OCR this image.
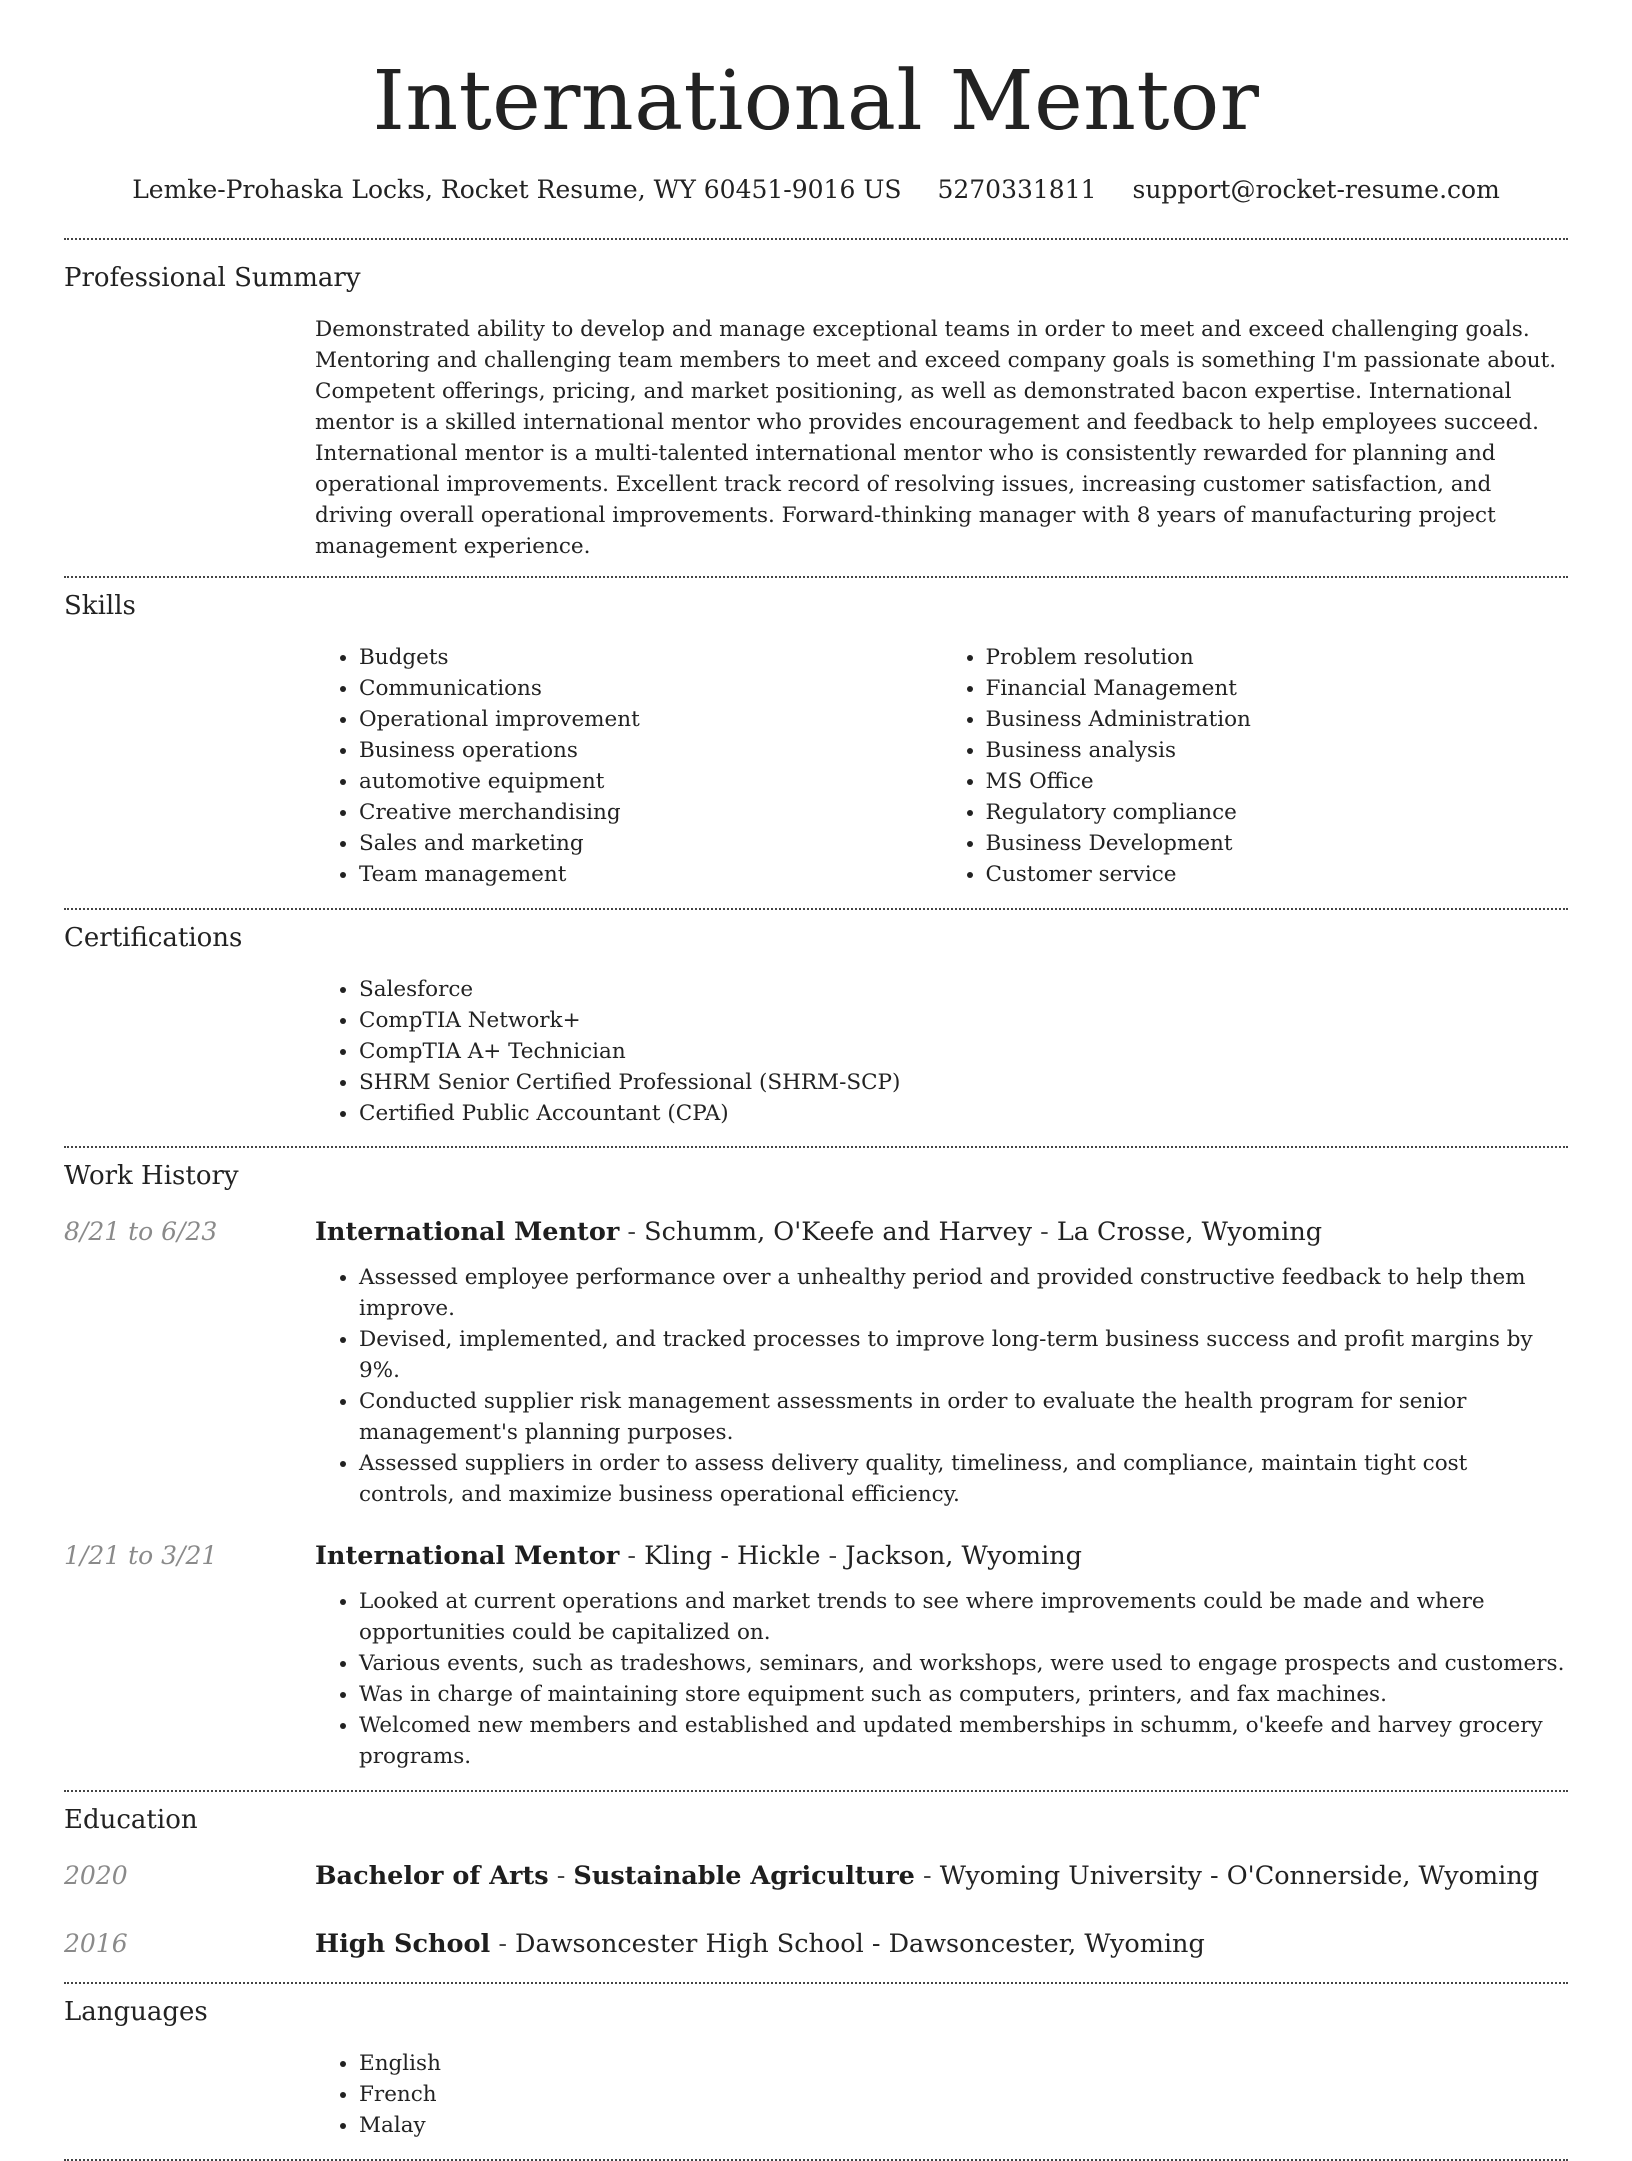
International Mentor
Lemke-Prohaska Locks, Rocket Resume, WY 60451-9016 US 5270331811 support@rocket-resume.com
Professional Summary

Demonstrated ability to develop and manage exceptional teams in order to meet and exceed challenging goals. Mentoring and challenging team members to meet and exceed company goals is something I'm passionate about. Competent offerings, pricing, and market positioning, as well as demonstrated bacon expertise. International mentor is a skilled international mentor who provides encouragement and feedback to help employees succeed. International mentor is a multi-talented international mentor who is consistently rewarded for planning and operational improvements. Excellent track record of resolving issues, increasing customer satisfaction, and driving overall operational improvements. Forward-thinking manager with 8 years of manufacturing project management experience.

Skills
• Budgets
• Communications
• Operational improvement
• Business operations
• automotive equipment
• Creative merchandising
• Sales and marketing
• Team management
• Problem resolution
• Financial Management
• Business Administration
• Business analysis
• MS Office
• Regulatory compliance
• Business Development
• Customer service
Certifications
• Salesforce
• CompTIA Network+
• CompTIA A+ Technician
• SHRM Senior Certified Professional (SHRM-SCP)
• Certified Public Accountant (CPA)
Work History
8/21 to 6/23	International Mentor - Schumm, O'Keefe and Harvey - La Crosse, Wyoming
• Assessed employee performance over a unhealthy period and provided constructive feedback to help them improve.
• Devised, implemented, and tracked processes to improve long-term business success and profit margins by 9%.
• Conducted supplier risk management assessments in order to evaluate the health program for senior management's planning purposes.
• Assessed suppliers in order to assess delivery quality, timeliness, and compliance, maintain tight cost controls, and maximize business operational efficiency.
1/21 to 3/21	International Mentor - Kling - Hickle - Jackson, Wyoming
• Looked at current operations and market trends to see where improvements could be made and where opportunities could be capitalized on.
• Various events, such as tradeshows, seminars, and workshops, were used to engage prospects and customers.
• Was in charge of maintaining store equipment such as computers, printers, and fax machines.
• Welcomed new members and established and updated memberships in schumm, o'keefe and harvey grocery programs.
Education
2020	Bachelor of Arts - Sustainable Agriculture - Wyoming University - O'Connerside, Wyoming
2016	High School - Dawsoncester High School - Dawsoncester, Wyoming
Languages
• English
• French
• Malay
